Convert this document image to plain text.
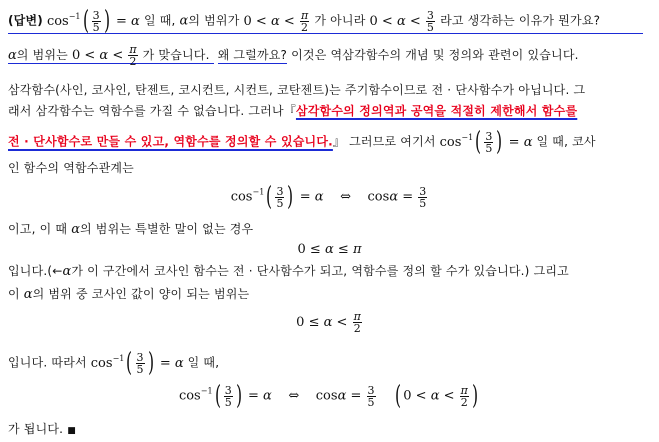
(답변) $\cos^{-1}( \frac{3}{5}$ ) = α 일 때, α의 범위가 $0 < \alpha < \frac{\pi}{2}$ 가 아니라 $0 < \alpha < \frac{3}{5}$ 라고 생각하는 이유가 뭔가요?
α의 범위는 $0 < \alpha < \frac{\pi}{2}$ 가 맞습니다. 왜 그럴까요? 이것은 역삼각함수의 개념 및 정의와 관련이 있습니다.
삼각함수(사인, 코사인, 탄젠트, 코시컨트, 시컨트, 코탄젠트)는 주기함수이므로 전 · 단사함수가 아닙니다. 그
래서 삼각함수는 역함수를 가질 수 없습니다. 그러나『삼각함수의 정의역과 공역을 적절히 제한해서 함수를
전 · 단사함수로 만들 수 있고, 역함수를 정의할 수 있습니다.』 그러므로 여기서 $\cos^{-1}( \frac{3}{5}$ ) = α 일 때, 코사
인 함수의 역함수관계는
$\cos^{-1}( \frac{3}{5}$ ) = α ⇔ $\cos\alpha = \frac{3}{5}$
이고, 이 때 α의 범위는 특별한 말이 없는 경우
0 ≤ α ≤ π
입니다.(←α가 이 구간에서 코사인 함수는 전 · 단사함수가 되고, 역함수를 정의 할 수가 있습니다.) 그리고
이 α의 범위 중 코사인 값이 양이 되는 범위는
$0 \le \alpha < \frac{\pi}{2}$
입니다. 따라서 $\cos^{-1}( \frac{3}{5}$ ) = α 일 때,
$\cos^{-1}( \frac{3}{5}$ ) = α ⇔ $\cos\alpha = \frac{3}{5}$ ( $0 < \alpha < \frac{\pi}{2}$ )
가 됩니다. ■
